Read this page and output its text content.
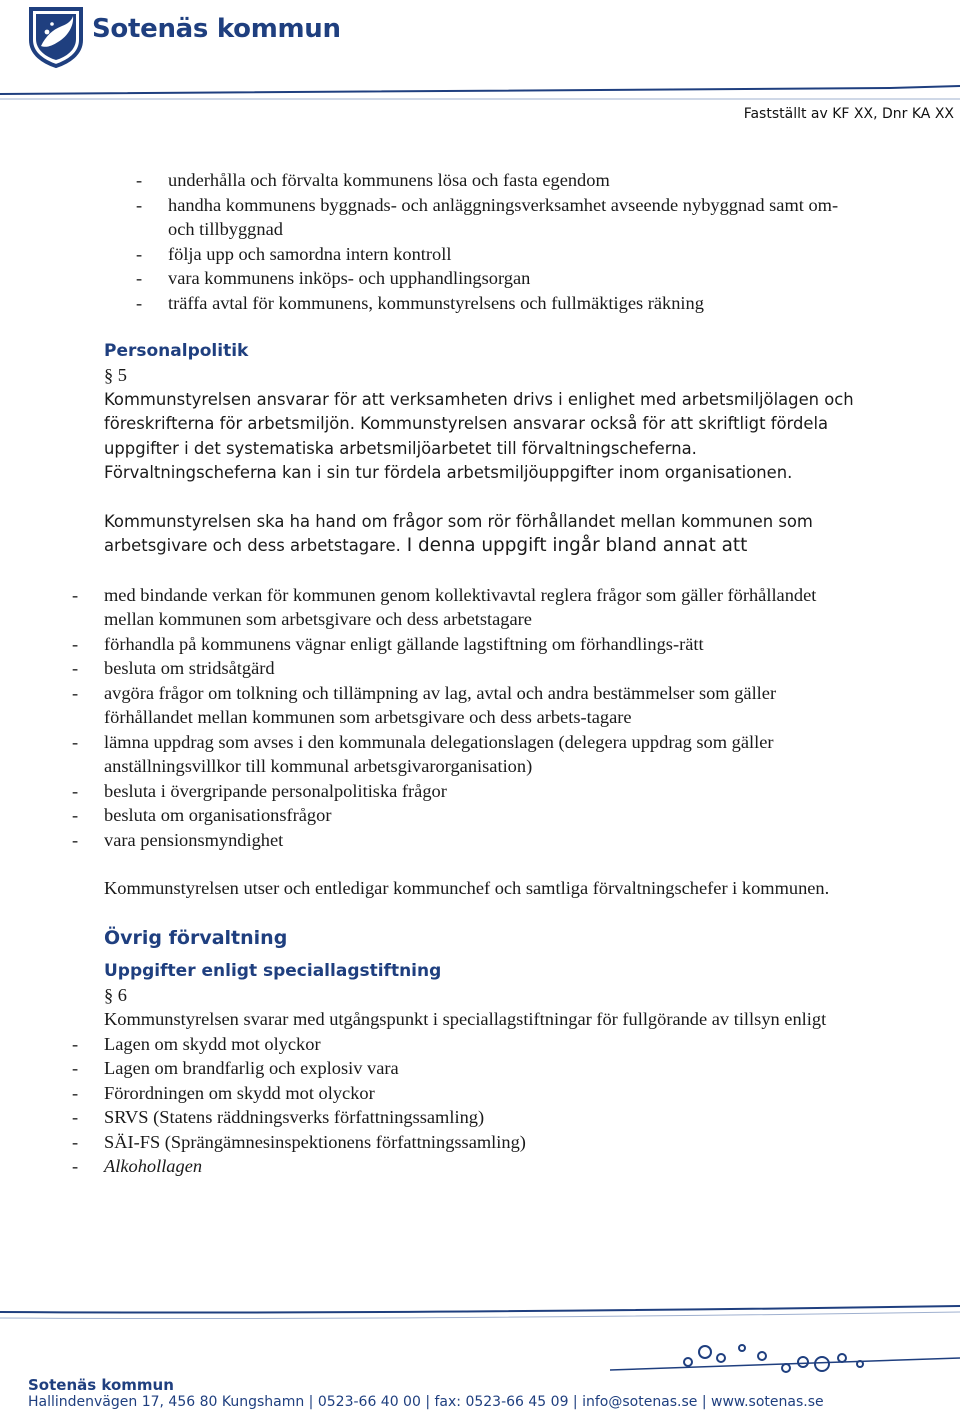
Sotenäs kommun
Fastställt av KF XX, Dnr KA XX
- underhålla och förvalta kommunens lösa och fasta egendom
- handha kommunens byggnads- och anläggningsverksamhet avseende nybyggnad samt om- och tillbyggnad
- följa upp och samordna intern kontroll
- vara kommunens inköps- och upphandlingsorgan
- träffa avtal för kommunens, kommunstyrelsens och fullmäktiges räkning
Personalpolitik
§ 5

Kommunstyrelsen ansvarar för att verksamheten drivs i enlighet med arbetsmiljölagen och föreskrifterna för arbetsmiljön. Kommunstyrelsen ansvarar också för att skriftligt fördela uppgifter i det systematiska arbetsmiljöarbetet till förvaltningscheferna. Förvaltningscheferna kan i sin tur fördela arbetsmiljöuppgifter inom organisationen.

Kommunstyrelsen ska ha hand om frågor som rör förhållandet mellan kommunen som arbetsgivare och dess arbetstagare. I denna uppgift ingår bland annat att

- med bindande verkan för kommunen genom kollektivavtal reglera frågor som gäller förhållandet mellan kommunen som arbetsgivare och dess arbetstagare
- förhandla på kommunens vägnar enligt gällande lagstiftning om förhandlings-rätt
- besluta om stridsåtgärd
- avgöra frågor om tolkning och tillämpning av lag, avtal och andra bestämmelser som gäller förhållandet mellan kommunen som arbetsgivare och dess arbets-tagare
- lämna uppdrag som avses i den kommunala delegationslagen (delegera uppdrag som gäller anställningsvillkor till kommunal arbetsgivarorganisation)
- besluta i övergripande personalpolitiska frågor
- besluta om organisationsfrågor
- vara pensionsmyndighet

Kommunstyrelsen utser och entledigar kommunchef och samtliga förvaltningschefer i kommunen.

Övrig förvaltning
Uppgifter enligt speciallagstiftning
§ 6

Kommunstyrelsen svarar med utgångspunkt i speciallagstiftningar för fullgörande av tillsyn enligt

- Lagen om skydd mot olyckor
- Lagen om brandfarlig och explosiv vara
- Förordningen om skydd mot olyckor
- SRVS (Statens räddningsverks författningssamling)
- SÄI-FS (Sprängämnesinspektionens författningssamling)
- Alkohollagen
Sotenäs kommun
Hallindenvägen 17, 456 80 Kungshamn | 0523-66 40 00 | fax: 0523-66 45 09 | info@sotenas.se | www.sotenas.se
